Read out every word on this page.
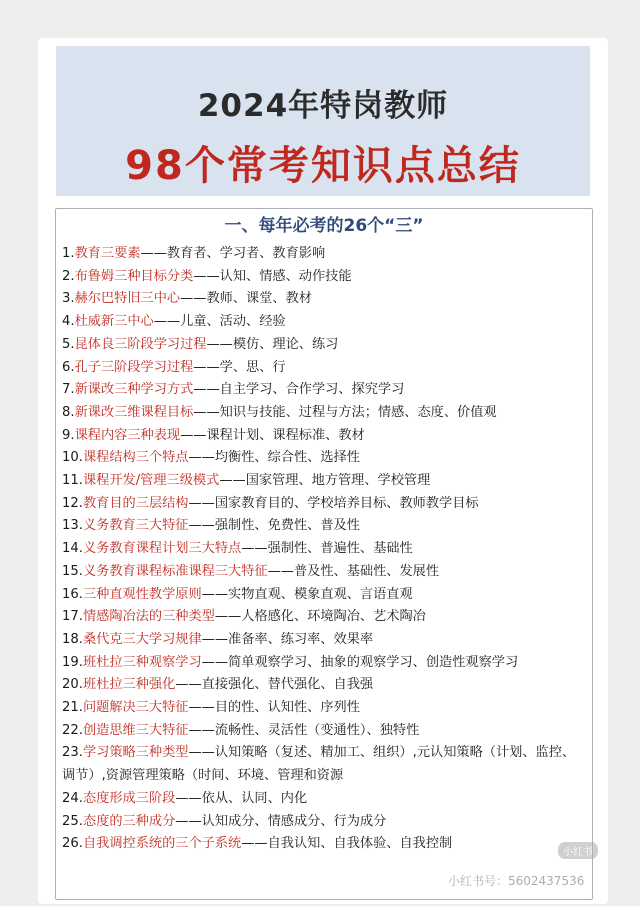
2024年特岗教师
98个常考知识点总结
一、每年必考的26个“三”
1.教育三要素——教育者、学习者、教育影响
2.布鲁姆三种目标分类——认知、情感、动作技能
3.赫尔巴特旧三中心——教师、课堂、教材
4.杜威新三中心——儿童、活动、经验
5.昆体良三阶段学习过程——模仿、理论、练习
6.孔子三阶段学习过程——学、思、行
7.新课改三种学习方式——自主学习、合作学习、探究学习
8.新课改三维课程目标——知识与技能、过程与方法；情感、态度、价值观
9.课程内容三种表现——课程计划、课程标准、教材
10.课程结构三个特点——均衡性、综合性、选择性
11.课程开发/管理三级模式——国家管理、地方管理、学校管理
12.教育目的三层结构——国家教育目的、学校培养目标、教师教学目标
13.义务教育三大特征——强制性、免费性、普及性
14.义务教育课程计划三大特点——强制性、普遍性、基础性
15.义务教育课程标准课程三大特征——普及性、基础性、发展性
16.三种直观性教学原则——实物直观、模象直观、言语直观
17.情感陶冶法的三种类型——人格感化、环境陶冶、艺术陶冶
18.桑代克三大学习规律——准备率、练习率、效果率
19.班杜拉三种观察学习——简单观察学习、抽象的观察学习、创造性观察学习
20.班杜拉三种强化——直接强化、替代强化、自我强
21.问题解决三大特征——目的性、认知性、序列性
22.创造思维三大特征——流畅性、灵活性（变通性）、独特性
23.学习策略三种类型——认知策略（复述、精加工、组织）,元认知策略（计划、监控、调节）,资源管理策略（时间、环境、管理和资源
24.态度形成三阶段——依从、认同、内化
25.态度的三种成分——认知成分、情感成分、行为成分
26.自我调控系统的三个子系统——自我认知、自我体验、自我控制
小红书
小红书号：5602437536
